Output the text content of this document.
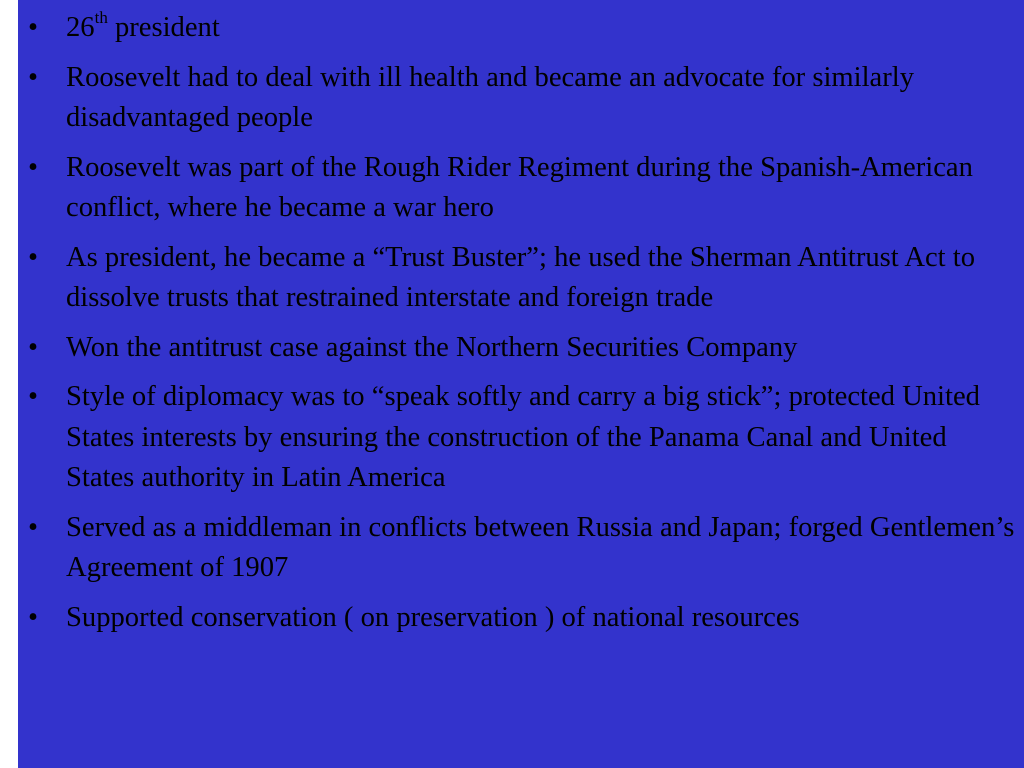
• 26th president
• Roosevelt had to deal with ill health and became an advocate for similarly disadvantaged people
• Roosevelt was part of the Rough Rider Regiment during the Spanish-American conflict, where he became a war hero
• As president, he became a “Trust Buster”; he used the Sherman Antitrust Act to dissolve trusts that restrained interstate and foreign trade
• Won the antitrust case against the Northern Securities Company
• Style of diplomacy was to “speak softly and carry a big stick”; protected United States interests by ensuring the construction of the Panama Canal and United States authority in Latin America
• Served as a middleman in conflicts between Russia and Japan; forged Gentlemen’s Agreement of 1907
• Supported conservation ( on preservation ) of national resources
